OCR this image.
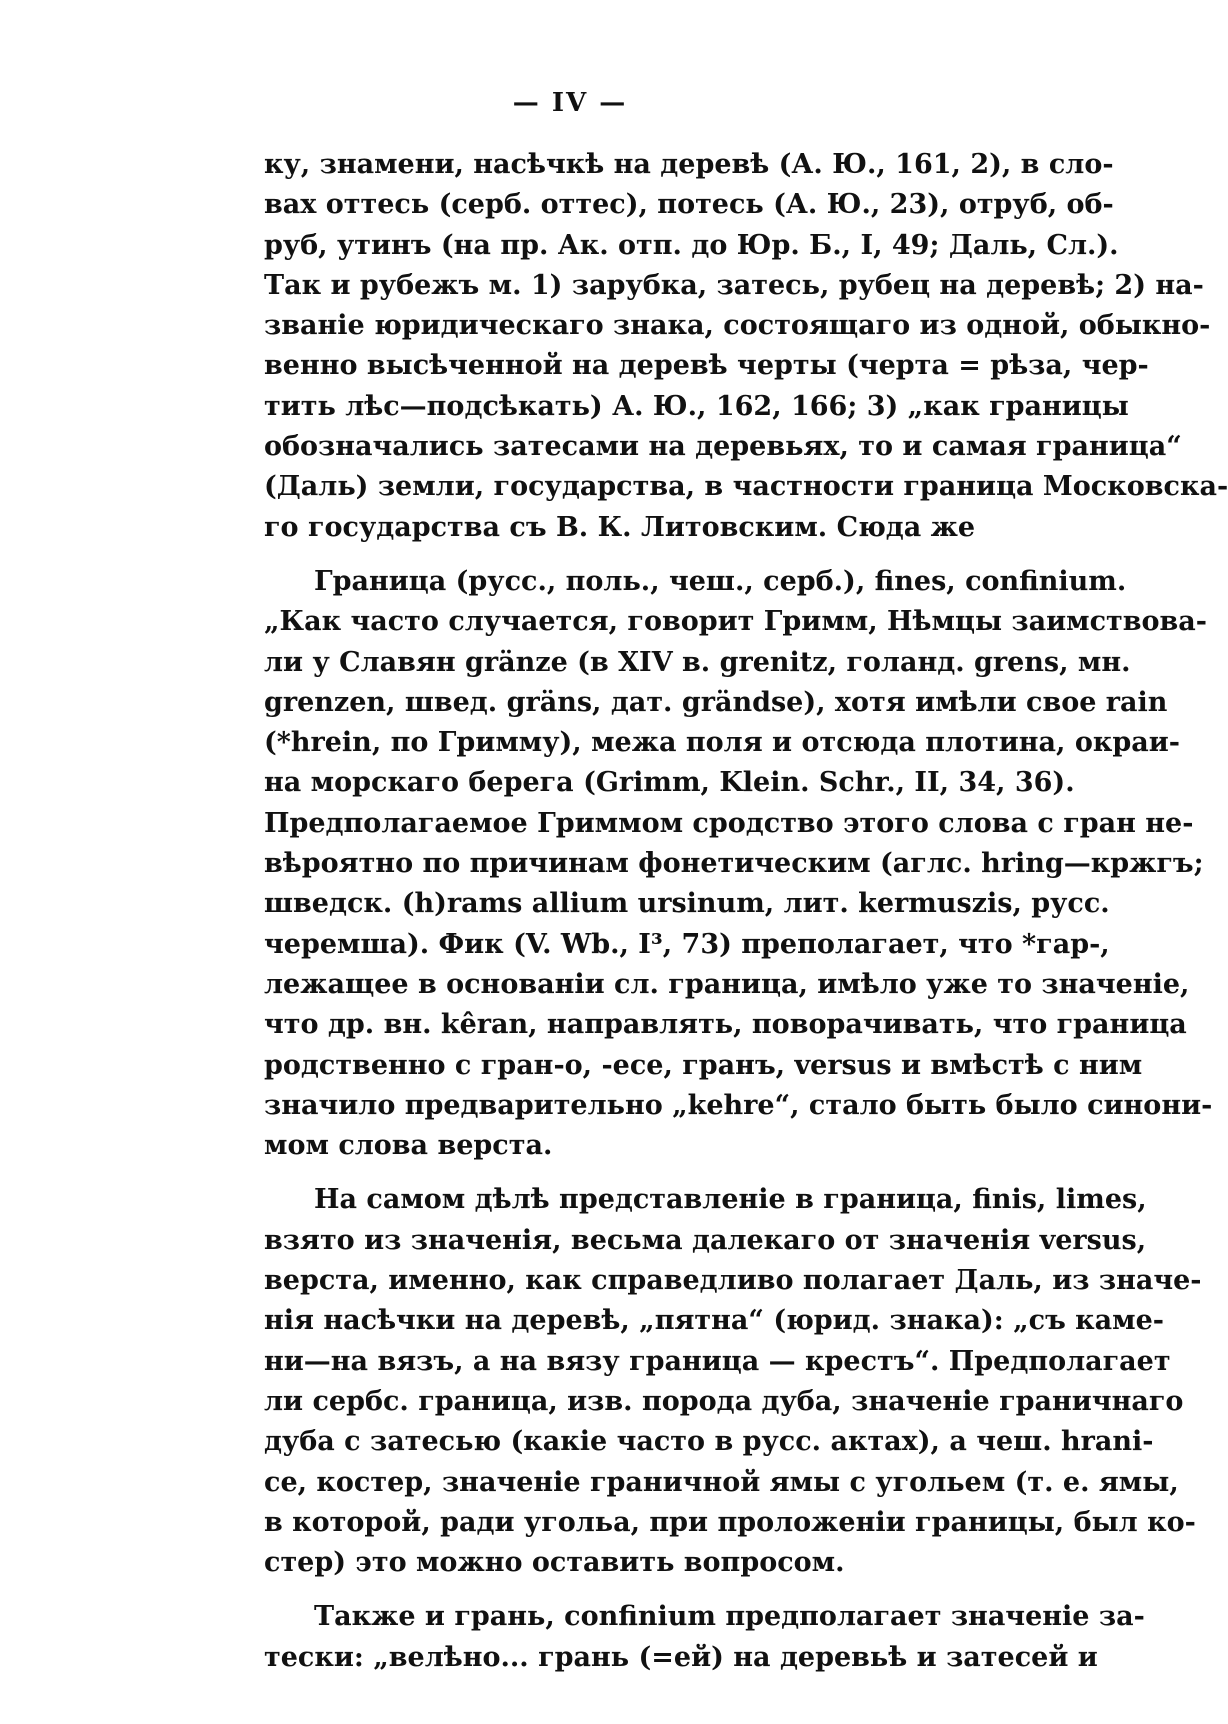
— IV —
ку, знамени, насѣчкѣ на деревѣ (А. Ю., 161, 2), в сло-
вах оттесь (серб. оттес), потесь (А. Ю., 23), отруб, об-
руб, утинъ (на пр. Ак. отп. до Юр. Б., I, 49; Даль, Сл.).
Так и рубежъ м. 1) зарубка, затесь, рубец на деревѣ; 2) на-
званіе юридическаго знака, состоящаго из одной, обыкно-
венно высѣченной на деревѣ черты (черта = рѣза, чер-
тить лѣс—подсѣкать) А. Ю., 162, 166; 3) „как границы
обозначались затесами на деревьях, то и самая граница“
(Даль) земли, государства, в частности граница Московска-
го государства съ В. К. Литовским. Сюда же
Граница (русс., поль., чеш., серб.), fines, confinium.
„Как часто случается, говорит Гримм, Нѣмцы заимствова-
ли у Славян gränze (в XIV в. grenitz, голанд. grens, мн.
grenzen, швед. gräns, дат. grändse), хотя имѣли свое rain
(*hrein, по Гримму), межа поля и отсюда плотина, окраи-
на морскаго берега (Grimm, Klein. Schr., II, 34, 36).
Предполагаемое Гриммом сродство этого слова с гран не-
вѣроятно по причинам фонетическим (аглс. hring—кржгъ;
шведск. (h)rams allium ursinum, лит. kermuszis, русс.
черемша). Фик (V. Wb., I³, 73) преполагает, что *гар-,
лежащее в основаніи сл. граница, имѣло уже то значеніе,
что др. вн. kêran, направлять, поворачивать, что граница
родственно с гран-о, -есе, гранъ, versus и вмѣстѣ с ним
значило предварительно „kehre“, стало быть было синони-
мом слова верста.
На самом дѣлѣ представленіе в граница, finis, limes,
взято из значенія, весьма далекаго от значенія versus,
верста, именно, как справедливо полагает Даль, из значе-
нія насѣчки на деревѣ, „пятна“ (юрид. знака): „съ каме-
ни—на вязъ, а на вязу граница — крестъ“. Предполагает
ли сербс. граница, изв. порода дуба, значеніе граничнаго
дуба с затесью (какіе часто в русс. актах), а чеш. hrani-
ce, костер, значеніе граничной ямы с угольем (т. е. ямы,
в которой, ради угольа, при проложеніи границы, был ко-
стер) это можно оставить вопросом.
Также и грань, confinium предполагает значеніе за-
тески: „велѣно... грань (=ей) на деревьѣ и затесей и
